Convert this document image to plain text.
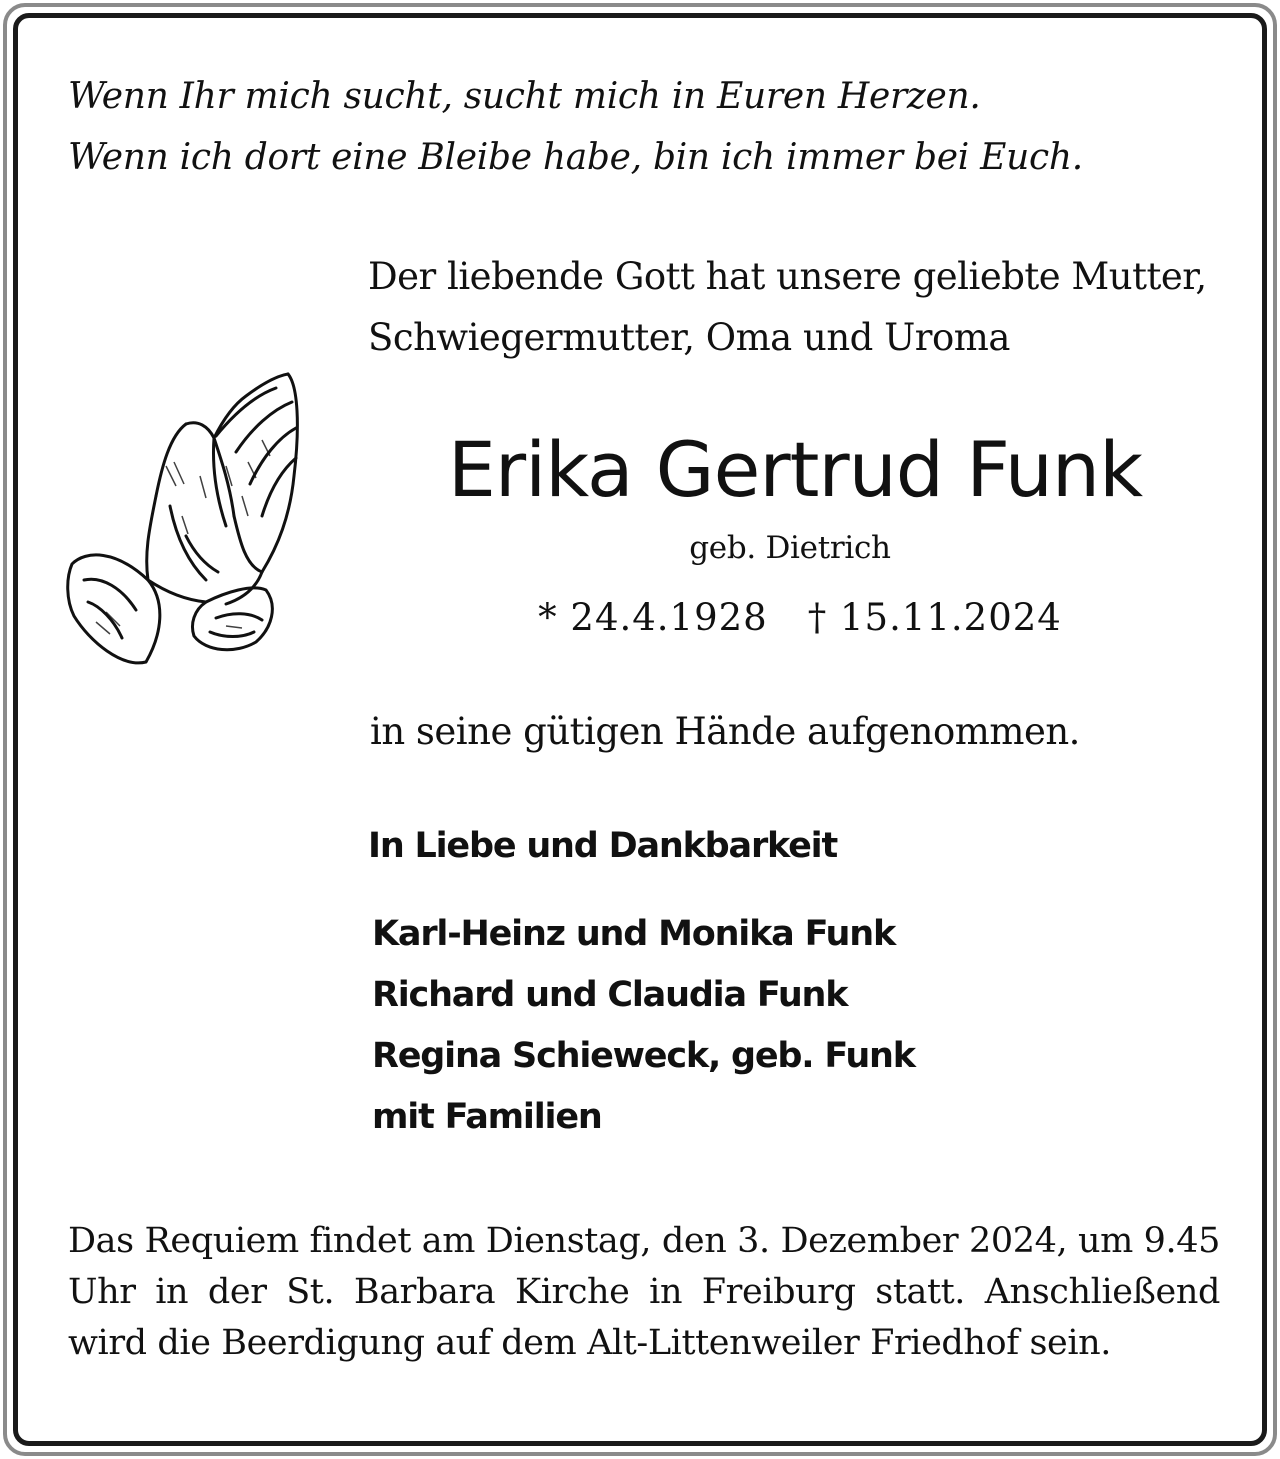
Wenn Ihr mich sucht, sucht mich in Euren Herzen.
Wenn ich dort eine Bleibe habe, bin ich immer bei Euch.
Der liebende Gott hat unsere geliebte Mutter,
Schwiegermutter, Oma und Uroma
Erika Gertrud Funk
geb. Dietrich
* 24.4.1928 † 15.11.2024
in seine gütigen Hände aufgenommen.
In Liebe und Dankbarkeit
Karl-Heinz und Monika Funk
Richard und Claudia Funk
Regina Schieweck, geb. Funk
mit Familien
Das Requiem findet am Dienstag, den 3. Dezember 2024, um 9.45 Uhr in der St. Barbara Kirche in Freiburg statt. Anschließend wird die Beerdigung auf dem Alt-Littenweiler Friedhof sein.
